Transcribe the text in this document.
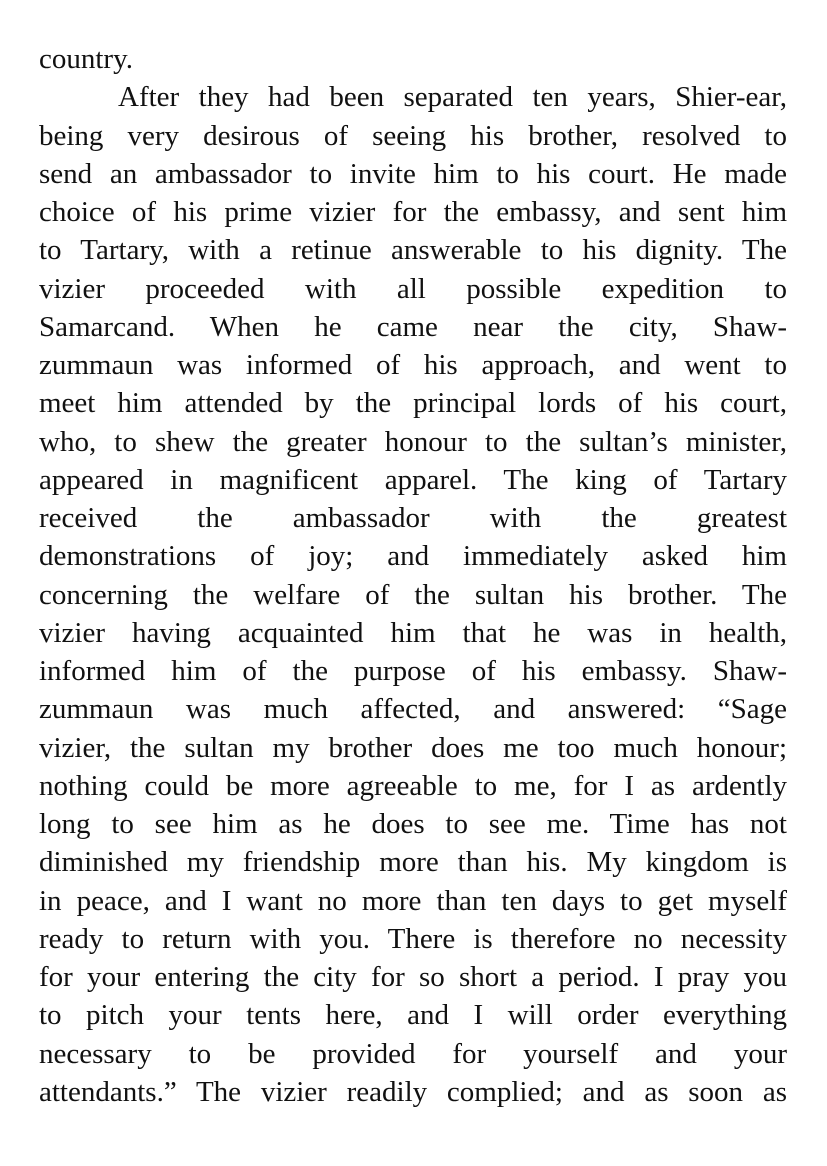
country.
After they had been separated ten years, Shier-ear,
being very desirous of seeing his brother, resolved to
send an ambassador to invite him to his court. He made
choice of his prime vizier for the embassy, and sent him
to Tartary, with a retinue answerable to his dignity. The
vizier proceeded with all possible expedition to
Samarcand. When he came near the city, Shaw-
zummaun was informed of his approach, and went to
meet him attended by the principal lords of his court,
who, to shew the greater honour to the sultan’s minister,
appeared in magnificent apparel. The king of Tartary
received the ambassador with the greatest
demonstrations of joy; and immediately asked him
concerning the welfare of the sultan his brother. The
vizier having acquainted him that he was in health,
informed him of the purpose of his embassy. Shaw-
zummaun was much affected, and answered: “Sage
vizier, the sultan my brother does me too much honour;
nothing could be more agreeable to me, for I as ardently
long to see him as he does to see me. Time has not
diminished my friendship more than his. My kingdom is
in peace, and I want no more than ten days to get myself
ready to return with you. There is therefore no necessity
for your entering the city for so short a period. I pray you
to pitch your tents here, and I will order everything
necessary to be provided for yourself and your
attendants.” The vizier readily complied; and as soon as
